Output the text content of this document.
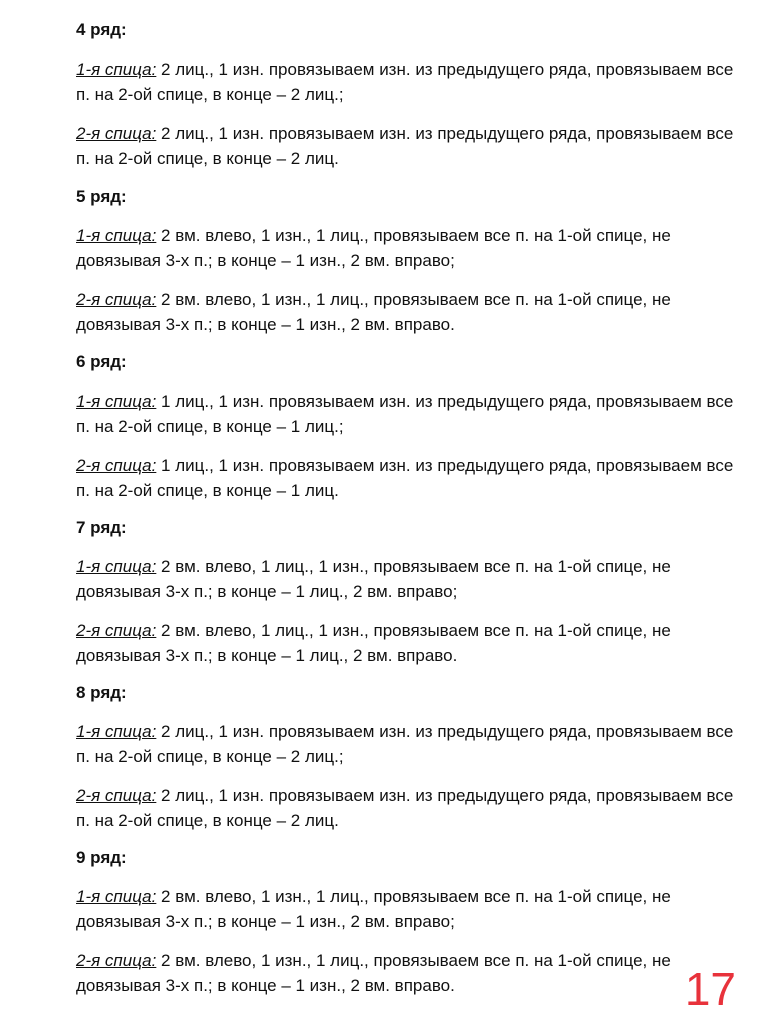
4 ряд:
1-я спица: 2 лиц., 1 изн. провязываем изн. из предыдущего ряда, провязываем все п. на 2-ой спице, в конце – 2 лиц.;
2-я спица: 2 лиц., 1 изн. провязываем изн. из предыдущего ряда, провязываем все п. на 2-ой спице, в конце – 2 лиц.
5 ряд:
1-я спица: 2 вм. влево, 1 изн., 1 лиц., провязываем все п. на 1-ой спице, не довязывая 3-х п.; в конце – 1 изн., 2 вм. вправо;
2-я спица: 2 вм. влево, 1 изн., 1 лиц., провязываем все п. на 1-ой спице, не довязывая 3-х п.; в конце – 1 изн., 2 вм. вправо.
6 ряд:
1-я спица: 1 лиц., 1 изн. провязываем изн. из предыдущего ряда, провязываем все п. на 2-ой спице, в конце – 1 лиц.;
2-я спица: 1 лиц., 1 изн. провязываем изн. из предыдущего ряда, провязываем все п. на 2-ой спице, в конце – 1 лиц.
7 ряд:
1-я спица: 2 вм. влево, 1 лиц., 1 изн., провязываем все п. на 1-ой спице, не довязывая 3-х п.; в конце – 1 лиц., 2 вм. вправо;
2-я спица: 2 вм. влево, 1 лиц., 1 изн., провязываем все п. на 1-ой спице, не довязывая 3-х п.; в конце – 1 лиц., 2 вм. вправо.
8 ряд:
1-я спица: 2 лиц., 1 изн. провязываем изн. из предыдущего ряда, провязываем все п. на 2-ой спице, в конце – 2 лиц.;
2-я спица: 2 лиц., 1 изн. провязываем изн. из предыдущего ряда, провязываем все п. на 2-ой спице, в конце – 2 лиц.
9 ряд:
1-я спица: 2 вм. влево, 1 изн., 1 лиц., провязываем все п. на 1-ой спице, не довязывая 3-х п.; в конце – 1 изн., 2 вм. вправо;
2-я спица: 2 вм. влево, 1 изн., 1 лиц., провязываем все п. на 1-ой спице, не довязывая 3-х п.; в конце – 1 изн., 2 вм. вправо.	17
